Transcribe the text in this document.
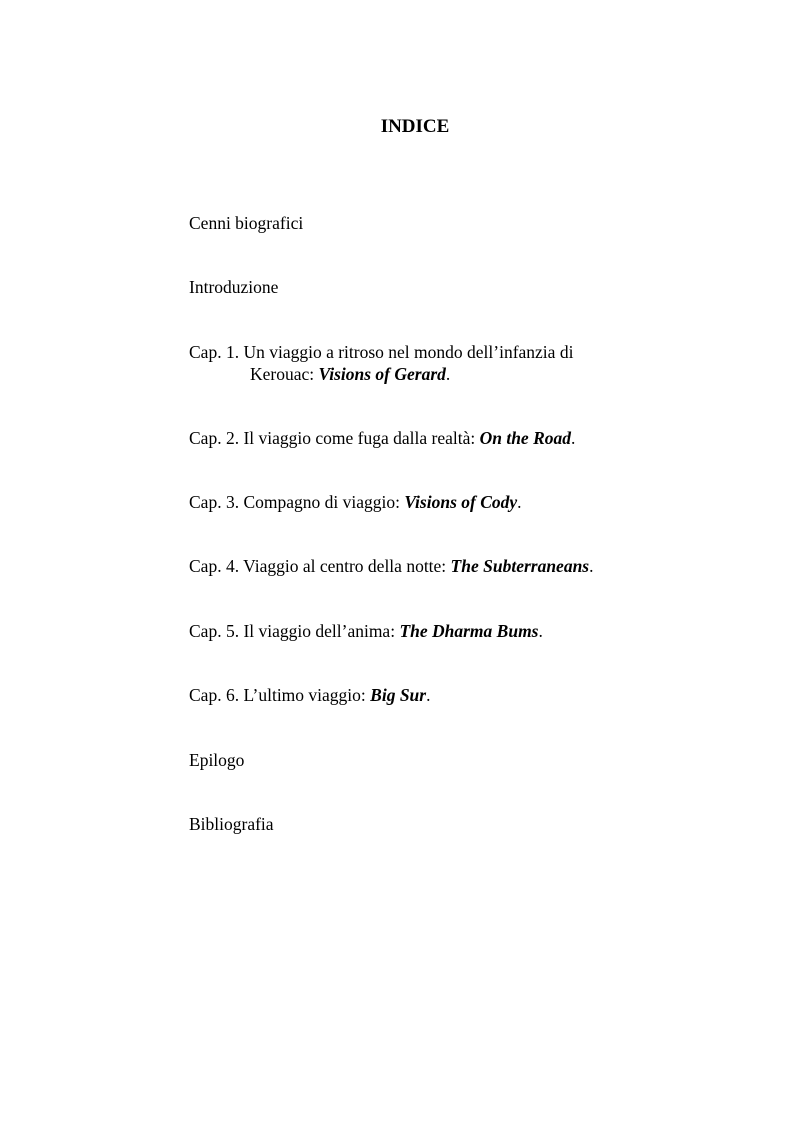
INDICE
Cenni biografici
Introduzione
Cap. 1. Un viaggio a ritroso nel mondo dell’infanzia di
Kerouac: Visions of Gerard.
Cap. 2. Il viaggio come fuga dalla realtà: On the Road.
Cap. 3. Compagno di viaggio: Visions of Cody.
Cap. 4. Viaggio al centro della notte: The Subterraneans.
Cap. 5. Il viaggio dell’anima: The Dharma Bums.
Cap. 6. L’ultimo viaggio: Big Sur.
Epilogo
Bibliografia
